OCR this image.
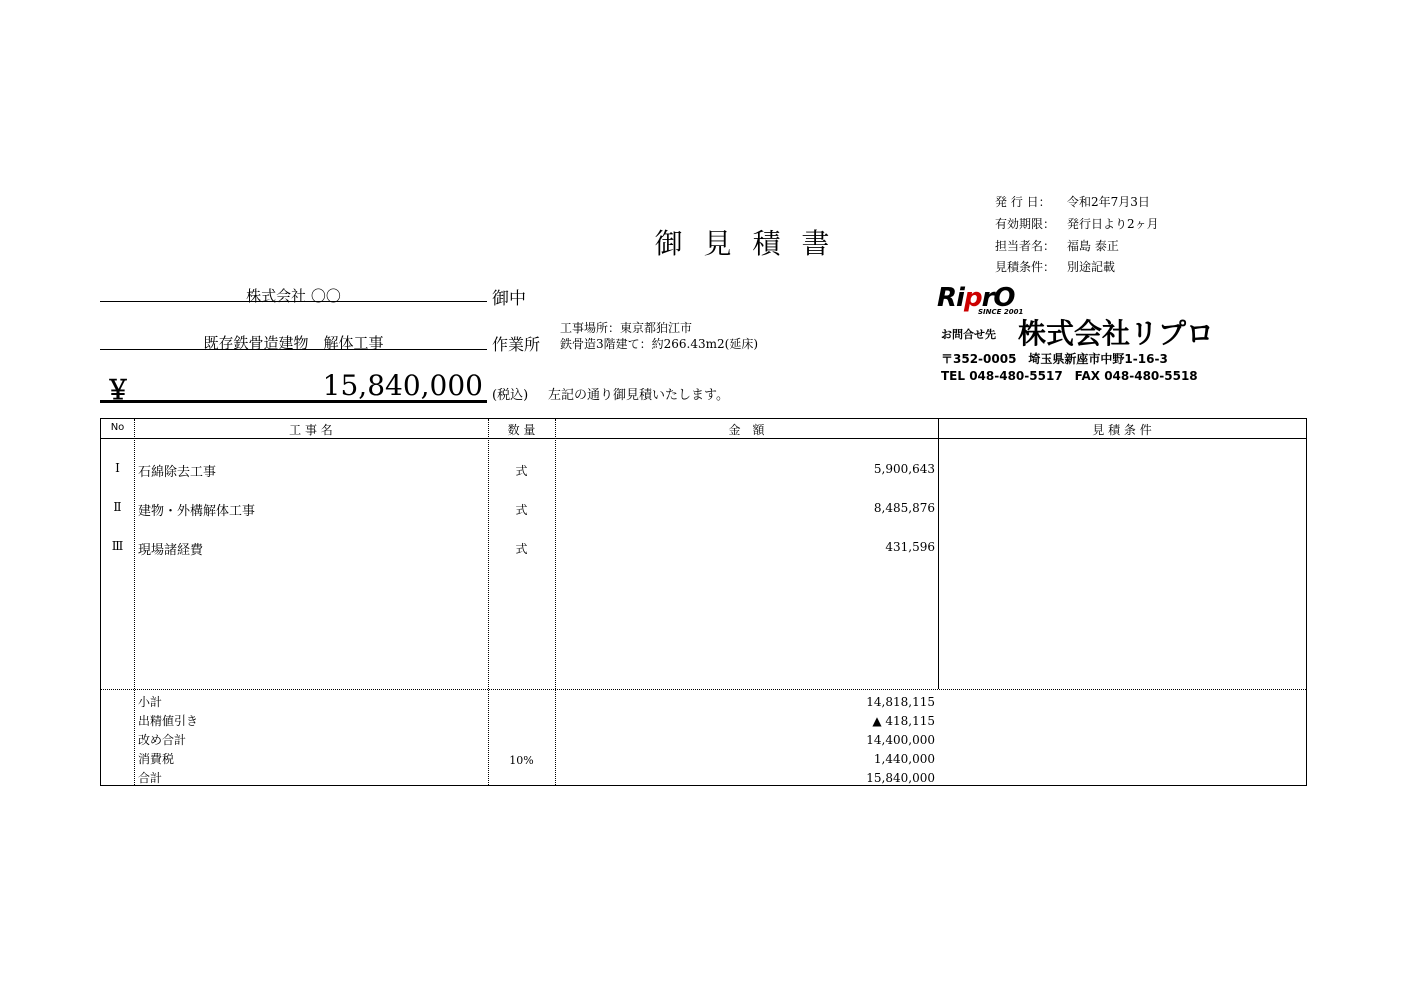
御 見 積 書
発 行 日： 令和2年7月3日
有効期限： 発行日より2ヶ月
担当者名： 福島 泰正
見積条件： 別途記載
株式会社 〇〇	御中
既存鉄骨造建物　解体工事	作業所
工事場所：東京都狛江市
鉄骨造3階建て：約266.43m2(延床)
￥	15,840,000 (税込) 左記の通り御見積いたします。
RiprO
SINCE 2001
お問合せ先 株式会社リプロ
〒352-0005　埼玉県新座市中野1-16-3
TEL 048-480-5517　FAX 048-480-5518
No	工 事 名	数 量	金　額	見 積 条 件
Ⅰ	石綿除去工事	式	5,900,643
Ⅱ	建物・外構解体工事	式	8,485,876
Ⅲ	現場諸経費	式	431,596
小計	14,818,115
出精値引き	▲ 418,115
改め合計	14,400,000
消費税	10%	1,440,000
合計	15,840,000
